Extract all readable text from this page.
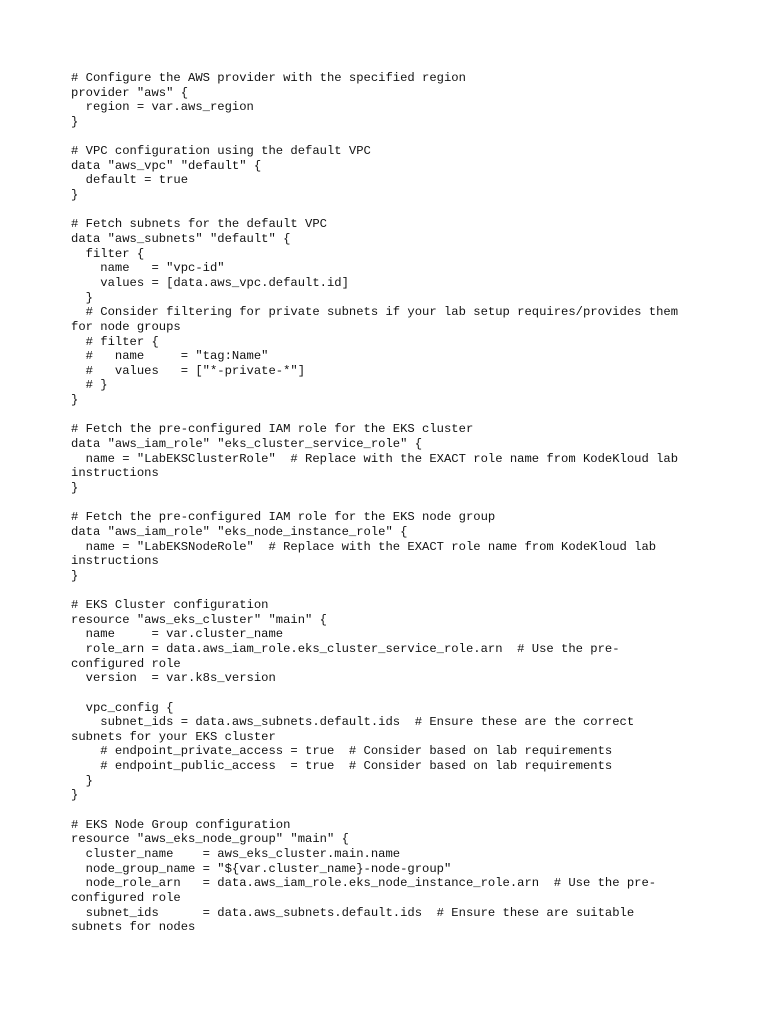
# Configure the AWS provider with the specified region
provider "aws" {
region = var.aws_region
}
# VPC configuration using the default VPC
data "aws_vpc" "default" {
default = true
}
# Fetch subnets for the default VPC
data "aws_subnets" "default" {
filter {
name   = "vpc-id"
values = [data.aws_vpc.default.id]
}
# Consider filtering for private subnets if your lab setup requires/provides them
for node groups
# filter {
#   name     = "tag:Name"
#   values   = ["*-private-*"]
# }
}
# Fetch the pre-configured IAM role for the EKS cluster
data "aws_iam_role" "eks_cluster_service_role" {
name = "LabEKSClusterRole"  # Replace with the EXACT role name from KodeKloud lab
instructions
}
# Fetch the pre-configured IAM role for the EKS node group
data "aws_iam_role" "eks_node_instance_role" {
name = "LabEKSNodeRole"  # Replace with the EXACT role name from KodeKloud lab
instructions
}
# EKS Cluster configuration
resource "aws_eks_cluster" "main" {
name     = var.cluster_name
role_arn = data.aws_iam_role.eks_cluster_service_role.arn  # Use the pre-
configured role
version  = var.k8s_version
vpc_config {
subnet_ids = data.aws_subnets.default.ids  # Ensure these are the correct
subnets for your EKS cluster
# endpoint_private_access = true  # Consider based on lab requirements
# endpoint_public_access  = true  # Consider based on lab requirements
}
}
# EKS Node Group configuration
resource "aws_eks_node_group" "main" {
cluster_name    = aws_eks_cluster.main.name
node_group_name = "${var.cluster_name}-node-group"
node_role_arn   = data.aws_iam_role.eks_node_instance_role.arn  # Use the pre-
configured role
subnet_ids      = data.aws_subnets.default.ids  # Ensure these are suitable
subnets for nodes
